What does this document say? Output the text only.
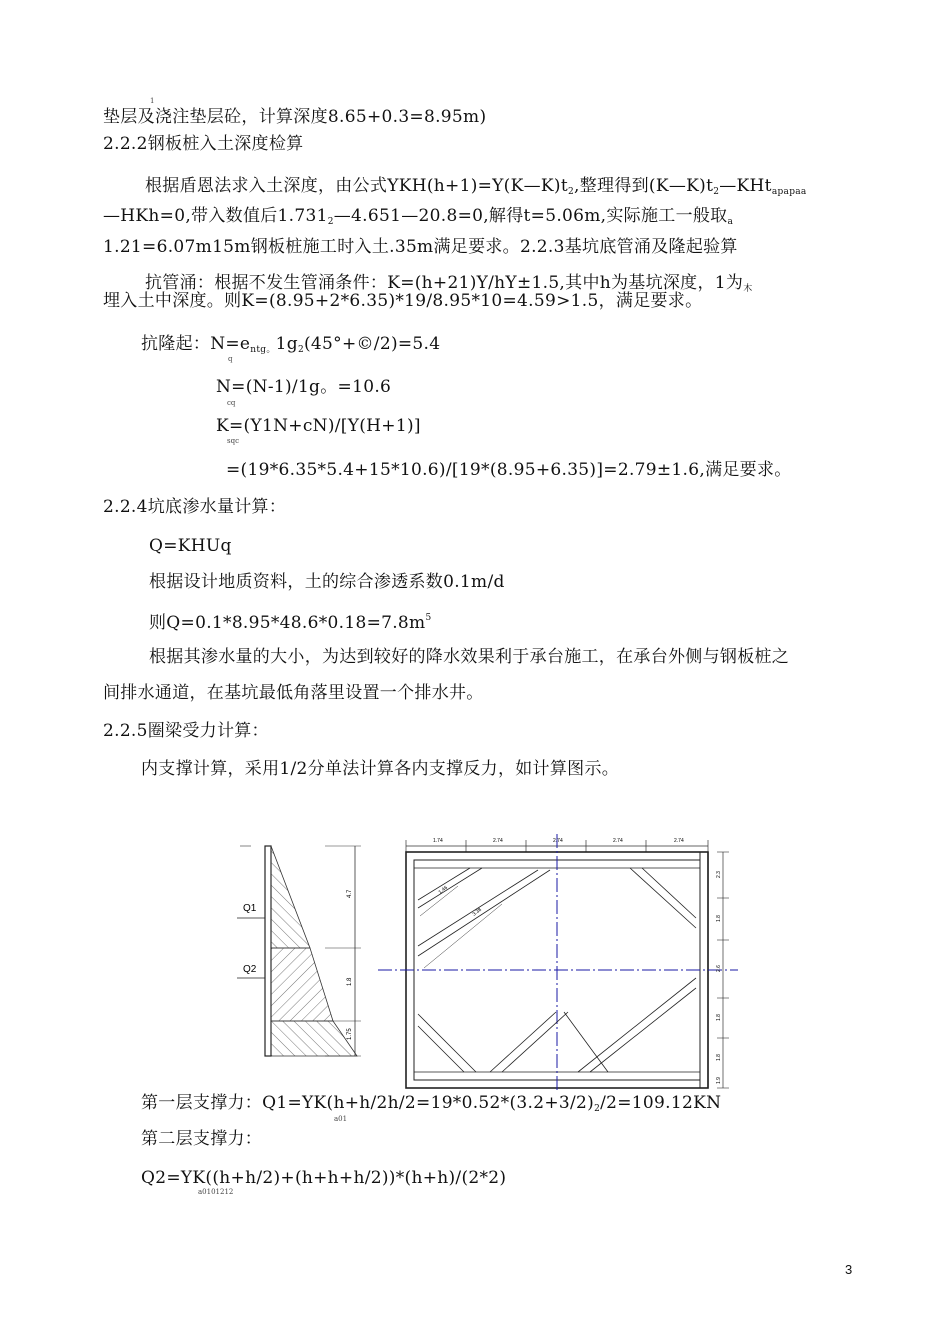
1
垫层及浇注垫层砼，计算深度8.65+0.3=8.95m)
2.2.2钢板桩入土深度检算
根据盾恩法求入土深度，由公式$YKH(h+1)=Y(K—K)t_2$,整理得到$(K—K)t_2—KHt_{apapaa}$
—HKh=0,带入数值后$1.731_2—4.651—20.8=0$,解得t=5.06m,实际施工一般取$_a$
1.21=6.07m15m钢板桩施工时入土.35m满足要求。2.2.3基坑底管涌及隆起验算
抗管涌：根据不发生管涌条件：K=(h+21)Y/hY±1.5,其中h为基坑深度，1为$_木$
埋入土中深度。则K=(8.95+2*6.35)*19/8.95*10=4.59>1.5，满足要求。
抗隆起：$N=e_{ntg。}1g_2(45^\circ+©/2)=5.4$
q
N=(N-1)/1g。=10.6
cq
K=(Y1N+cN)/[Y(H+1)]
sqc
=(19*6.35*5.4+15*10.6)/[19*(8.95+6.35)]=2.79±1.6,满足要求。
2.2.4坑底渗水量计算：
Q=KHUq
根据设计地质资料，土的综合渗透系数0.1m/d
则$Q=0.1*8.95*48.6*0.18=7.8m^5$
根据其渗水量的大小，为达到较好的降水效果利于承台施工，在承台外侧与钢板桩之
间排水通道，在基坑最低角落里设置一个排水井。
2.2.5圈梁受力计算：
内支撑计算，采用1/2分单法计算各内支撑反力，如计算图示。
4.7
1.8
1.75
Q1
Q2
1.74	2.74	2.74	2.74	2.74
1.46
3.38
2.3
1.8
2.6
1.8
1.8
1.9
第一层支撑力：$Q1=YK(h+h/2h/2=19*0.52*(3.2+3/2)_2/2=109.12KN$
a01
第二层支撑力：
Q2=YK((h+h/2)+(h+h+h/2))*(h+h)/(2*2)
a0101212
3
